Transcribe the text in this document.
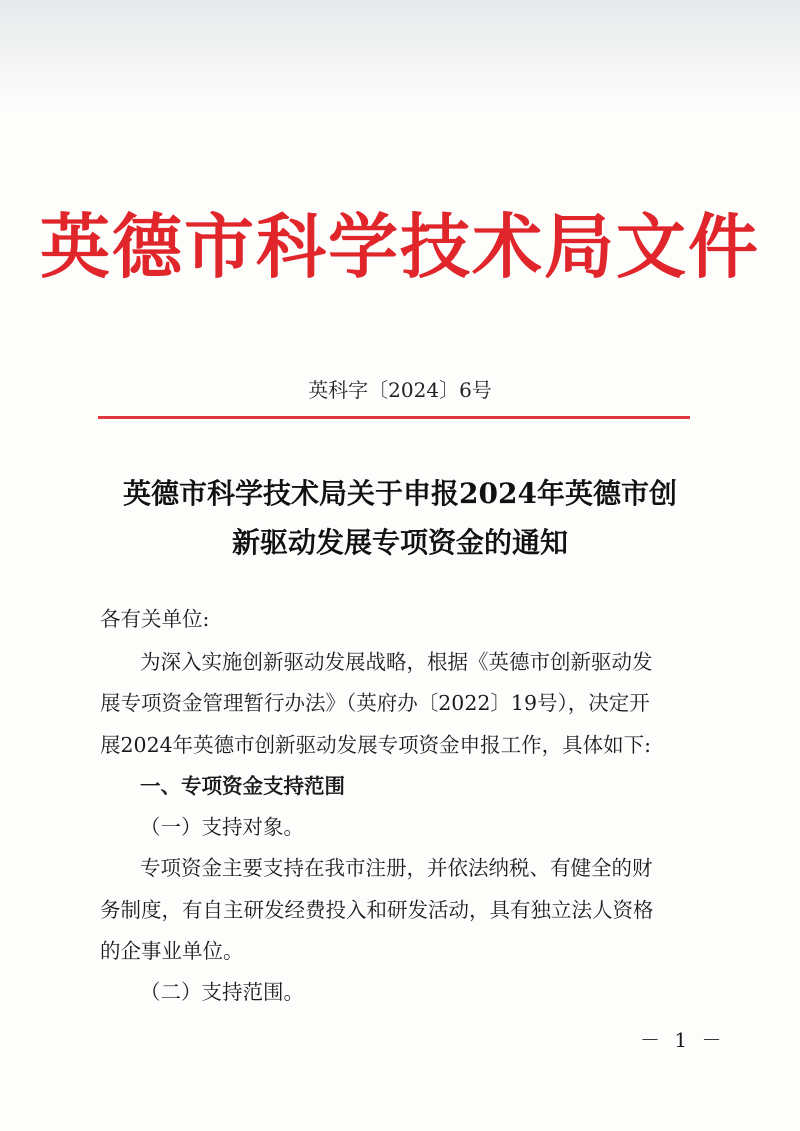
英德市科学技术局文件
英科字〔2024〕6号
英德市科学技术局关于申报2024年英德市创
新驱动发展专项资金的通知
各有关单位:
为深入实施创新驱动发展战略，根据《英德市创新驱动发
展专项资金管理暂行办法》（英府办〔2022〕19号），决定开
展2024年英德市创新驱动发展专项资金申报工作，具体如下:
一、专项资金支持范围
（一）支持对象。
专项资金主要支持在我市注册，并依法纳税、有健全的财
务制度，有自主研发经费投入和研发活动，具有独立法人资格
的企事业单位。
（二）支持范围。
－ 1 －
